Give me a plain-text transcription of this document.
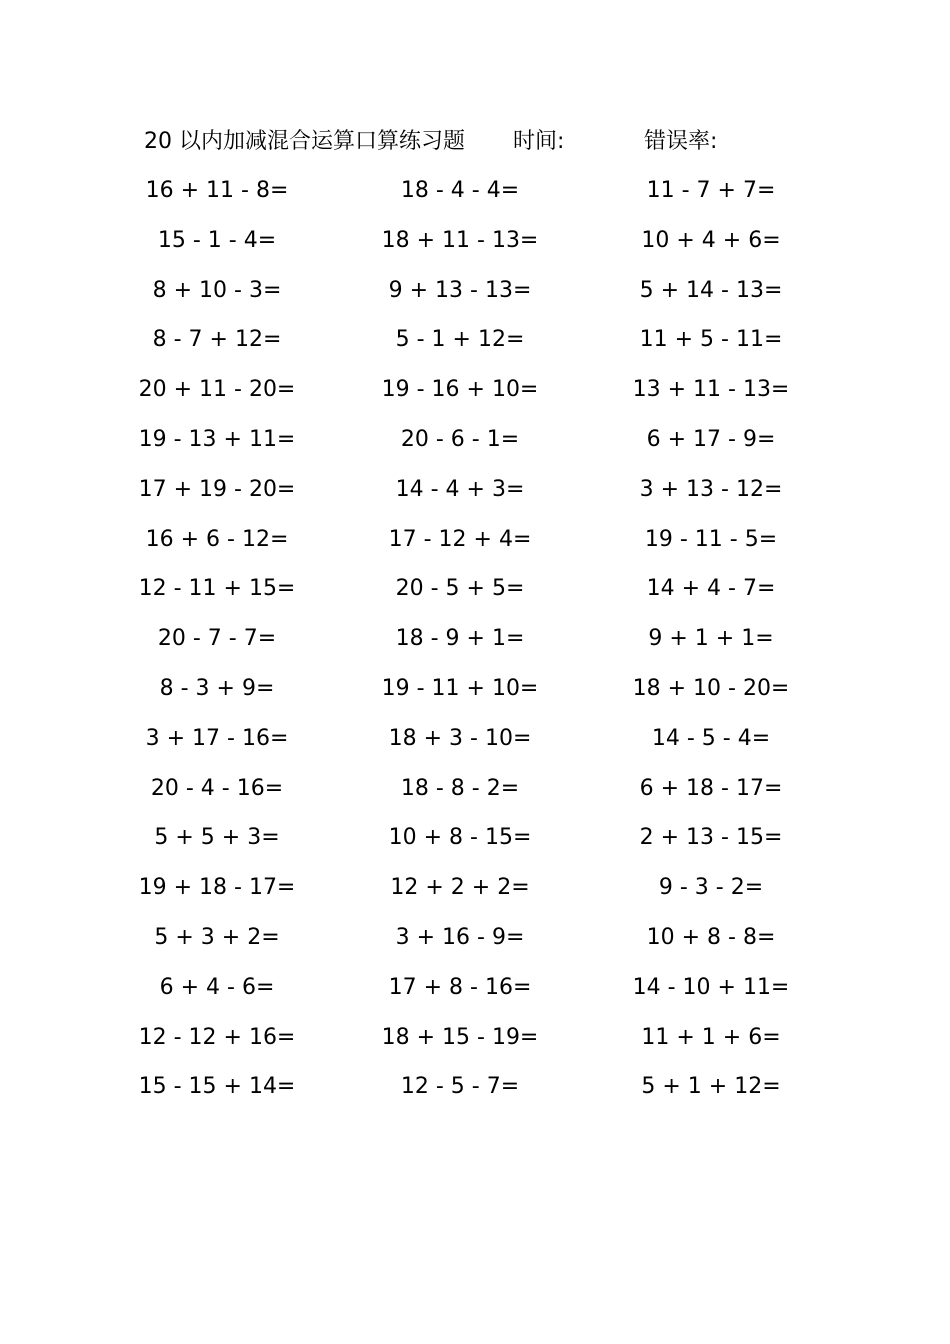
20 以内加减混合运算口算练习题 时间:	错误率:
16 + 11 - 8=
15 - 1 - 4=
8 + 10 - 3=
8 - 7 + 12=
20 + 11 - 20=
19 - 13 + 11=
17 + 19 - 20=
16 + 6 - 12=
12 - 11 + 15=
20 - 7 - 7=
8 - 3 + 9=
3 + 17 - 16=
20 - 4 - 16=
5 + 5 + 3=
19 + 18 - 17=
5 + 3 + 2=
6 + 4 - 6=
12 - 12 + 16=
15 - 15 + 14=
18 - 4 - 4=
18 + 11 - 13=
9 + 13 - 13=
5 - 1 + 12=
19 - 16 + 10=
20 - 6 - 1=
14 - 4 + 3=
17 - 12 + 4=
20 - 5 + 5=
18 - 9 + 1=
19 - 11 + 10=
18 + 3 - 10=
18 - 8 - 2=
10 + 8 - 15=
12 + 2 + 2=
3 + 16 - 9=
17 + 8 - 16=
18 + 15 - 19=
12 - 5 - 7=
11 - 7 + 7=
10 + 4 + 6=
5 + 14 - 13=
11 + 5 - 11=
13 + 11 - 13=
6 + 17 - 9=
3 + 13 - 12=
19 - 11 - 5=
14 + 4 - 7=
9 + 1 + 1=
18 + 10 - 20=
14 - 5 - 4=
6 + 18 - 17=
2 + 13 - 15=
9 - 3 - 2=
10 + 8 - 8=
14 - 10 + 11=
11 + 1 + 6=
5 + 1 + 12=
